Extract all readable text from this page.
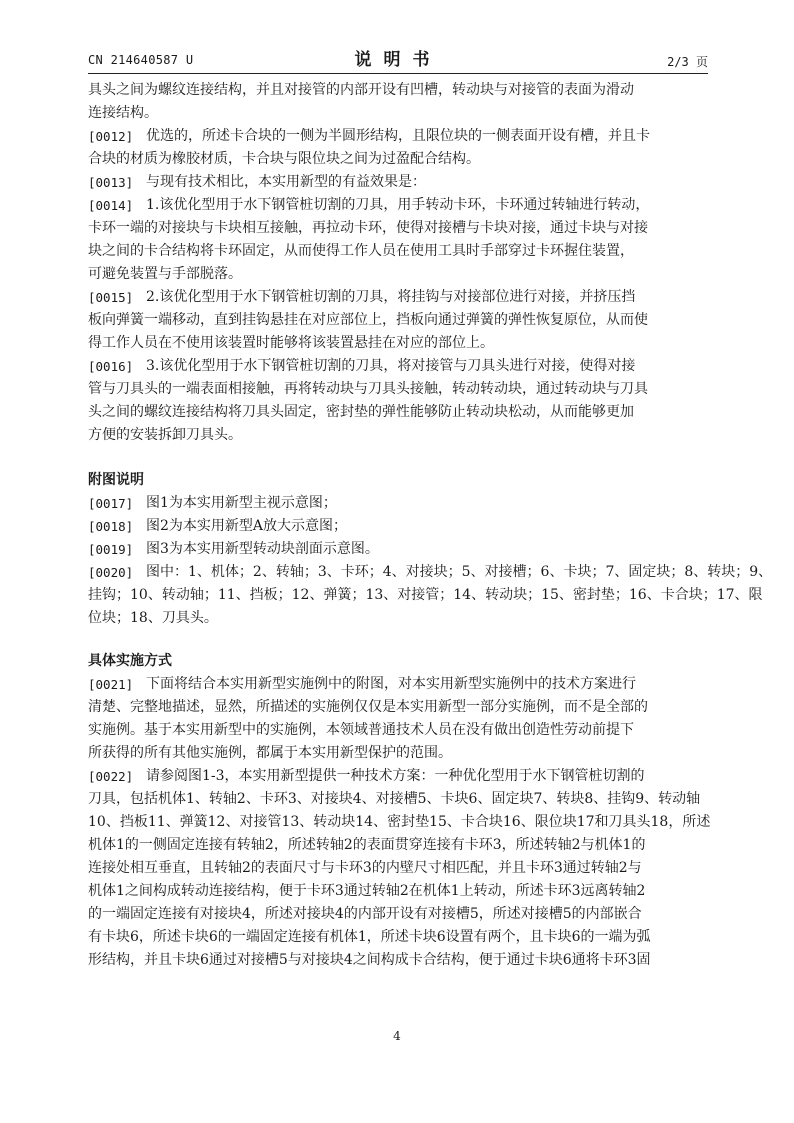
CN 214640587 U	说明书	2/3 页
具头之间为螺纹连接结构，并且对接管的内部开设有凹槽，转动块与对接管的表面为滑动
连接结构。
[0012] 优选的，所述卡合块的一侧为半圆形结构，且限位块的一侧表面开设有槽，并且卡
合块的材质为橡胶材质，卡合块与限位块之间为过盈配合结构。
[0013] 与现有技术相比，本实用新型的有益效果是：
[0014] 1.该优化型用于水下钢管桩切割的刀具，用手转动卡环，卡环通过转轴进行转动，
卡环一端的对接块与卡块相互接触，再拉动卡环，使得对接槽与卡块对接，通过卡块与对接
块之间的卡合结构将卡环固定，从而使得工作人员在使用工具时手部穿过卡环握住装置，
可避免装置与手部脱落。
[0015] 2.该优化型用于水下钢管桩切割的刀具，将挂钩与对接部位进行对接，并挤压挡
板向弹簧一端移动，直到挂钩悬挂在对应部位上，挡板向通过弹簧的弹性恢复原位，从而使
得工作人员在不使用该装置时能够将该装置悬挂在对应的部位上。
[0016] 3.该优化型用于水下钢管桩切割的刀具，将对接管与刀具头进行对接，使得对接
管与刀具头的一端表面相接触，再将转动块与刀具头接触，转动转动块，通过转动块与刀具
头之间的螺纹连接结构将刀具头固定，密封垫的弹性能够防止转动块松动，从而能够更加
方便的安装拆卸刀具头。

附图说明

[0017] 图1为本实用新型主视示意图；
[0018] 图2为本实用新型A放大示意图；
[0019] 图3为本实用新型转动块剖面示意图。
[0020] 图中：1、机体；2、转轴；3、卡环；4、对接块；5、对接槽；6、卡块；7、固定块；8、转块；9、
挂钩；10、转动轴；11、挡板；12、弹簧；13、对接管；14、转动块；15、密封垫；16、卡合块；17、限
位块；18、刀具头。

具体实施方式

[0021] 下面将结合本实用新型实施例中的附图，对本实用新型实施例中的技术方案进行
清楚、完整地描述，显然，所描述的实施例仅仅是本实用新型一部分实施例，而不是全部的
实施例。基于本实用新型中的实施例，本领域普通技术人员在没有做出创造性劳动前提下
所获得的所有其他实施例，都属于本实用新型保护的范围。
[0022] 请参阅图1-3，本实用新型提供一种技术方案：一种优化型用于水下钢管桩切割的
刀具，包括机体1、转轴2、卡环3、对接块4、对接槽5、卡块6、固定块7、转块8、挂钩9、转动轴
10、挡板11、弹簧12、对接管13、转动块14、密封垫15、卡合块16、限位块17和刀具头18，所述
机体1的一侧固定连接有转轴2，所述转轴2的表面贯穿连接有卡环3，所述转轴2与机体1的
连接处相互垂直，且转轴2的表面尺寸与卡环3的内壁尺寸相匹配，并且卡环3通过转轴2与
机体1之间构成转动连接结构，便于卡环3通过转轴2在机体1上转动，所述卡环3远离转轴2
的一端固定连接有对接块4，所述对接块4的内部开设有对接槽5，所述对接槽5的内部嵌合
有卡块6，所述卡块6的一端固定连接有机体1，所述卡块6设置有两个，且卡块6的一端为弧
形结构，并且卡块6通过对接槽5与对接块4之间构成卡合结构，便于通过卡块6通将卡环3固
4
